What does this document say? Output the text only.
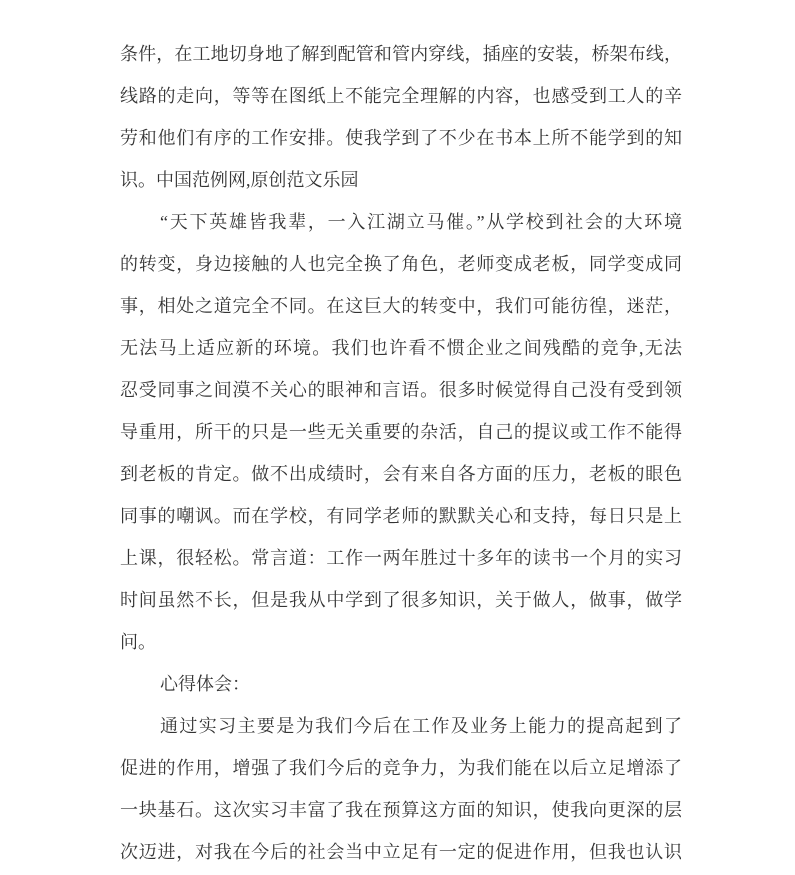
条件，在工地切身地了解到配管和管内穿线，插座的安装，桥架布线，
线路的走向，等等在图纸上不能完全理解的内容，也感受到工人的辛
劳和他们有序的工作安排。使我学到了不少在书本上所不能学到的知
识。中国范例网,原创范文乐园
“天下英雄皆我辈，一入江湖立马催。”从学校到社会的大环境
的转变，身边接触的人也完全换了角色，老师变成老板，同学变成同
事，相处之道完全不同。在这巨大的转变中，我们可能彷徨，迷茫，
无法马上适应新的环境。我们也许看不惯企业之间残酷的竞争,无法
忍受同事之间漠不关心的眼神和言语。很多时候觉得自己没有受到领
导重用，所干的只是一些无关重要的杂活，自己的提议或工作不能得
到老板的肯定。做不出成绩时，会有来自各方面的压力，老板的眼色
同事的嘲讽。而在学校，有同学老师的默默关心和支持，每日只是上
上课，很轻松。常言道：工作一两年胜过十多年的读书一个月的实习
时间虽然不长，但是我从中学到了很多知识，关于做人，做事，做学
问。
心得体会：
通过实习主要是为我们今后在工作及业务上能力的提高起到了
促进的作用，增强了我们今后的竞争力，为我们能在以后立足增添了
一块基石。这次实习丰富了我在预算这方面的知识，使我向更深的层
次迈进，对我在今后的社会当中立足有一定的促进作用，但我也认识
